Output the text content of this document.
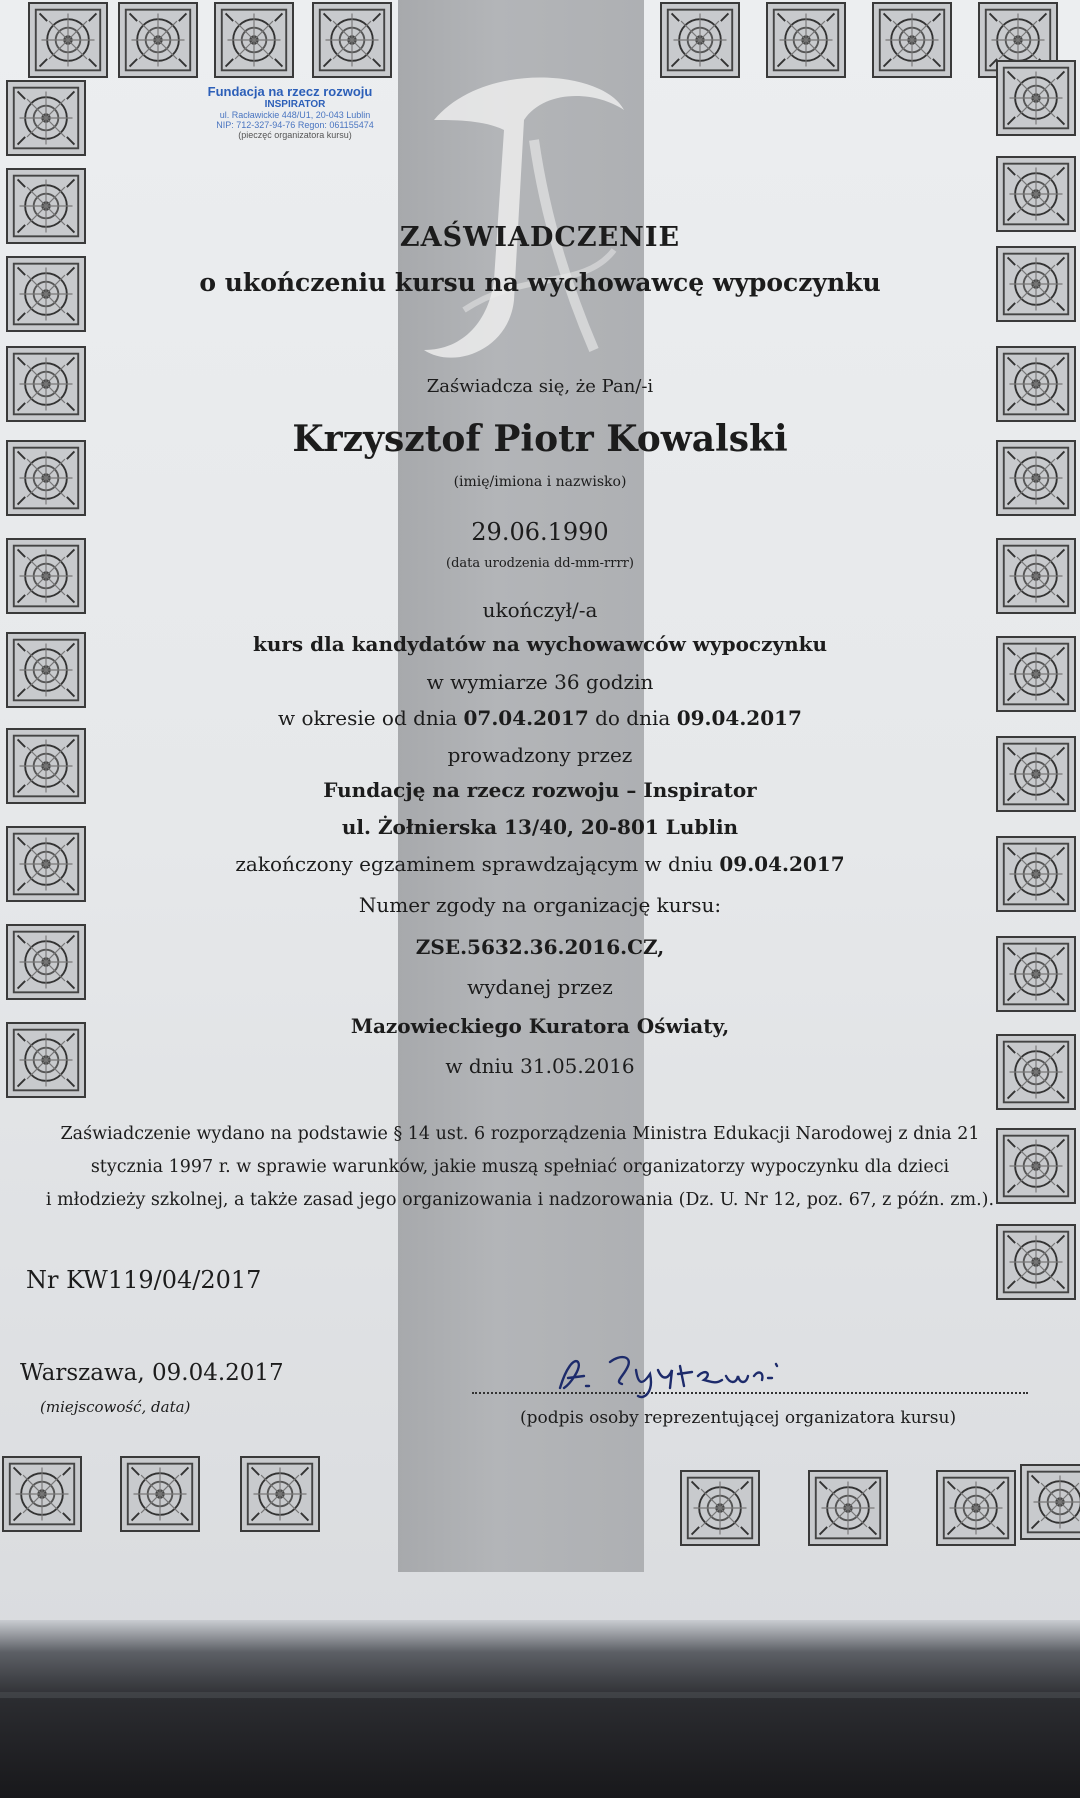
Fundacja na rzecz rozwoju
INSPIRATOR
ul. Racławickie 448/U1, 20-043 Lublin
NIP: 712-327-94-76 Regon: 061155474
(pieczęć organizatora kursu)
ZAŚWIADCZENIE
o ukończeniu kursu na wychowawcę wypoczynku
Zaświadcza się, że Pan/-i
Krzysztof Piotr Kowalski
(imię/imiona i nazwisko)
29.06.1990
(data urodzenia dd-mm-rrrr)
ukończył/-a
kurs dla kandydatów na wychowawców wypoczynku
w wymiarze 36 godzin
w okresie od dnia 07.04.2017 do dnia 09.04.2017
prowadzony przez
Fundację na rzecz rozwoju – Inspirator
ul. Żołnierska 13/40, 20-801 Lublin
zakończony egzaminem sprawdzającym w dniu 09.04.2017
Numer zgody na organizację kursu:
ZSE.5632.36.2016.CZ,
wydanej przez
Mazowieckiego Kuratora Oświaty,
w dniu 31.05.2016
Zaświadczenie wydano na podstawie § 14 ust. 6 rozporządzenia Ministra Edukacji Narodowej z dnia 21
stycznia 1997 r. w sprawie warunków, jakie muszą spełniać organizatorzy wypoczynku dla dzieci
i młodzieży szkolnej, a także zasad jego organizowania i nadzorowania (Dz. U. Nr 12, poz. 67, z późn. zm.).
Nr KW119/04/2017
Warszawa, 09.04.2017
(miejscowość, data)
(podpis osoby reprezentującej organizatora kursu)
